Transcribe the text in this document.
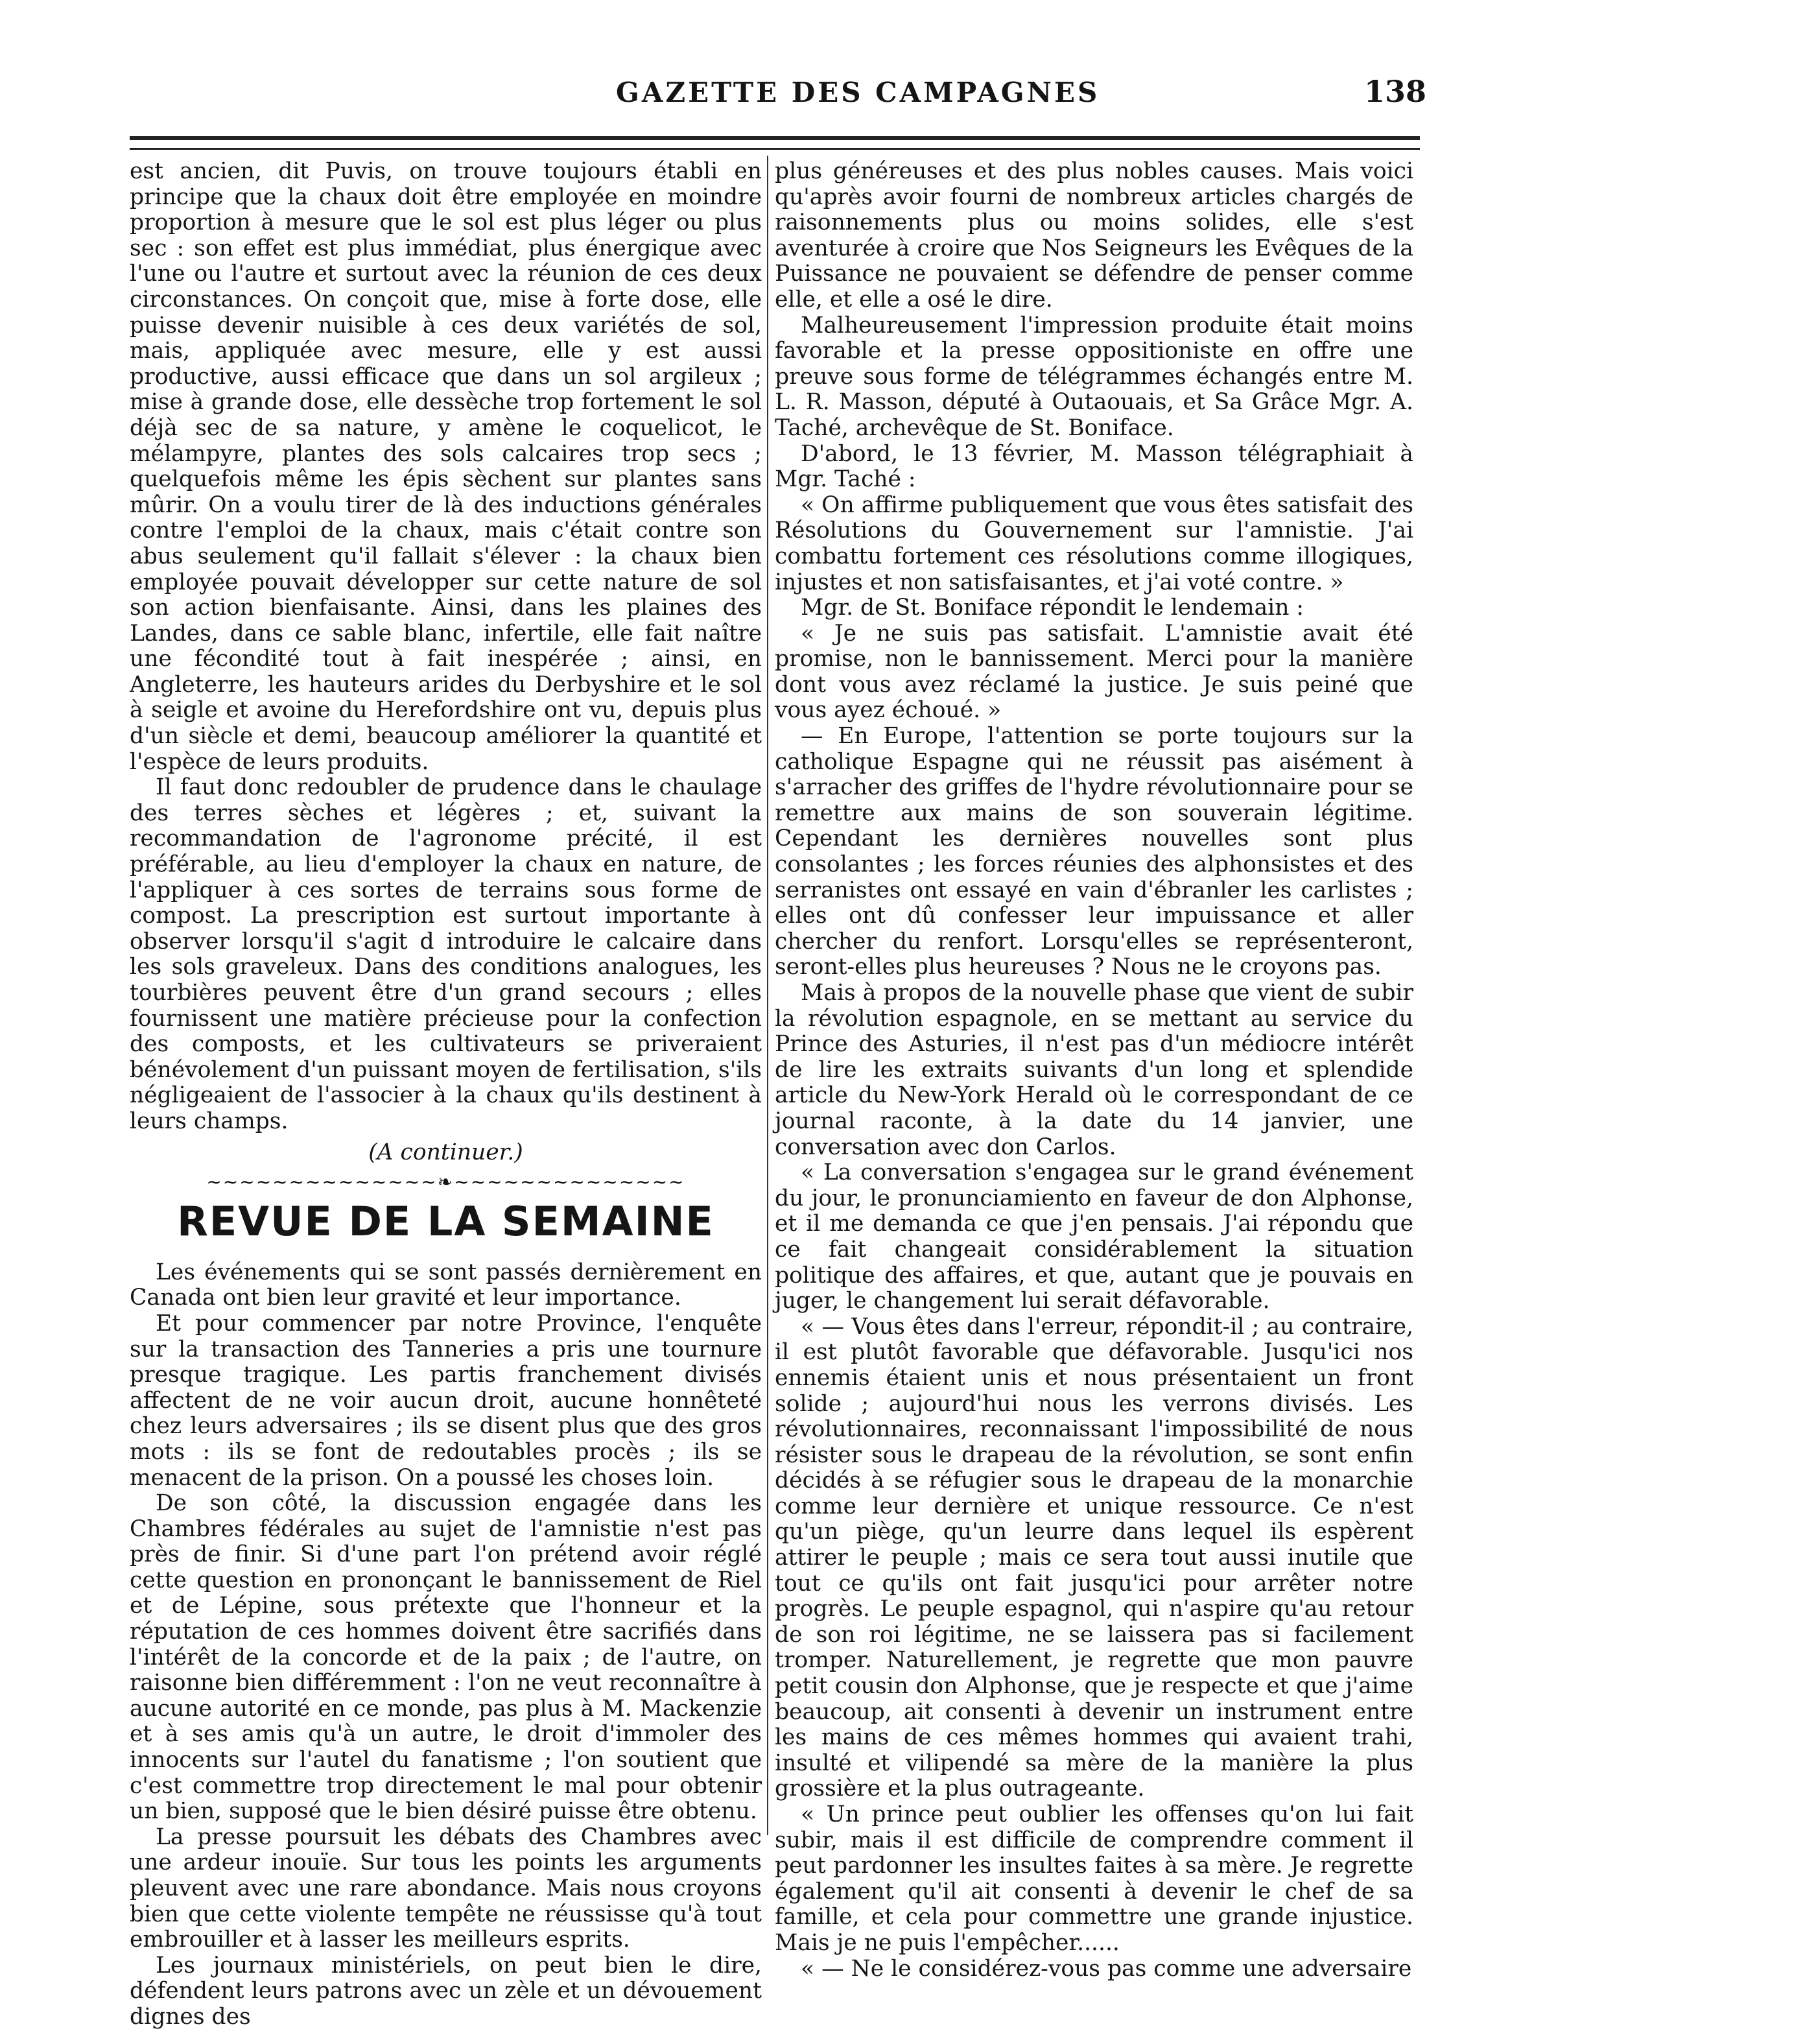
GAZETTE DES CAMPAGNES	138

est ancien, dit Puvis, on trouve toujours établi en principe que la chaux doit être employée en moindre proportion à mesure que le sol est plus léger ou plus sec : son effet est plus immédiat, plus énergique avec l'une ou l'autre et surtout avec la réunion de ces deux circonstances. On conçoit que, mise à forte dose, elle puisse devenir nuisible à ces deux variétés de sol, mais, appliquée avec mesure, elle y est aussi productive, aussi efficace que dans un sol argileux ; mise à grande dose, elle dessèche trop fortement le sol déjà sec de sa nature, y amène le coquelicot, le mélampyre, plantes des sols calcaires trop secs ; quelquefois même les épis sèchent sur plantes sans mûrir. On a voulu tirer de là des inductions générales contre l'emploi de la chaux, mais c'était contre son abus seulement qu'il fallait s'élever : la chaux bien employée pouvait développer sur cette nature de sol son action bienfaisante. Ainsi, dans les plaines des Landes, dans ce sable blanc, infertile, elle fait naître une fécondité tout à fait inespérée ; ainsi, en Angleterre, les hauteurs arides du Derbyshire et le sol à seigle et avoine du Herefordshire ont vu, depuis plus d'un siècle et demi, beaucoup améliorer la quantité et l'espèce de leurs produits.

Il faut donc redoubler de prudence dans le chaulage des terres sèches et légères ; et, suivant la recommandation de l'agronome précité, il est préférable, au lieu d'employer la chaux en nature, de l'appliquer à ces sortes de terrains sous forme de compost. La prescription est surtout importante à observer lorsqu'il s'agit d introduire le calcaire dans les sols graveleux. Dans des conditions analogues, les tourbières peuvent être d'un grand secours ; elles fournissent une matière précieuse pour la confection des composts, et les cultivateurs se priveraient bénévolement d'un puissant moyen de fertilisation, s'ils négligeaient de l'associer à la chaux qu'ils destinent à leurs champs.

(A continuer.)

~~~~~~~~~~~~~~❧~~~~~~~~~~~~~~
REVUE DE LA SEMAINE

Les événements qui se sont passés dernièrement en Canada ont bien leur gravité et leur importance.

Et pour commencer par notre Province, l'enquête sur la transaction des Tanneries a pris une tournure presque tragique. Les partis franchement divisés affectent de ne voir aucun droit, aucune honnêteté chez leurs adversaires ; ils se disent plus que des gros mots : ils se font de redoutables procès ; ils se menacent de la prison. On a poussé les choses loin.

De son côté, la discussion engagée dans les Chambres fédérales au sujet de l'amnistie n'est pas près de finir. Si d'une part l'on prétend avoir réglé cette question en prononçant le bannissement de Riel et de Lépine, sous prétexte que l'honneur et la réputation de ces hommes doivent être sacrifiés dans l'intérêt de la concorde et de la paix ; de l'autre, on raisonne bien différemment : l'on ne veut reconnaître à aucune autorité en ce monde, pas plus à M. Mackenzie et à ses amis qu'à un autre, le droit d'immoler des innocents sur l'autel du fanatisme ; l'on soutient que c'est commettre trop directement le mal pour obtenir un bien, supposé que le bien désiré puisse être obtenu.

La presse poursuit les débats des Chambres avec une ardeur inouïe. Sur tous les points les arguments pleuvent avec une rare abondance. Mais nous croyons bien que cette violente tempête ne réussisse qu'à tout embrouiller et à lasser les meilleurs esprits.

Les journaux ministériels, on peut bien le dire, défendent leurs patrons avec un zèle et un dévouement dignes des

plus généreuses et des plus nobles causes. Mais voici qu'après avoir fourni de nombreux articles chargés de raisonnements plus ou moins solides, elle s'est aventurée à croire que Nos Seigneurs les Evêques de la Puissance ne pouvaient se défendre de penser comme elle, et elle a osé le dire.

Malheureusement l'impression produite était moins favorable et la presse oppositioniste en offre une preuve sous forme de télégrammes échangés entre M. L. R. Masson, député à Outaouais, et Sa Grâce Mgr. A. Taché, archevêque de St. Boniface.

D'abord, le 13 février, M. Masson télégraphiait à Mgr. Taché :

« On affirme publiquement que vous êtes satisfait des Résolutions du Gouvernement sur l'amnistie. J'ai combattu fortement ces résolutions comme illogiques, injustes et non satisfaisantes, et j'ai voté contre. »

Mgr. de St. Boniface répondit le lendemain :

« Je ne suis pas satisfait. L'amnistie avait été promise, non le bannissement. Merci pour la manière dont vous avez réclamé la justice. Je suis peiné que vous ayez échoué. »

— En Europe, l'attention se porte toujours sur la catholique Espagne qui ne réussit pas aisément à s'arracher des griffes de l'hydre révolutionnaire pour se remettre aux mains de son souverain légitime. Cependant les dernières nouvelles sont plus consolantes ; les forces réunies des alphonsistes et des serranistes ont essayé en vain d'ébranler les carlistes ; elles ont dû confesser leur impuissance et aller chercher du renfort. Lorsqu'elles se représenteront, seront-elles plus heureuses ? Nous ne le croyons pas.

Mais à propos de la nouvelle phase que vient de subir la révolution espagnole, en se mettant au service du Prince des Asturies, il n'est pas d'un médiocre intérêt de lire les extraits suivants d'un long et splendide article du New-York Herald où le correspondant de ce journal raconte, à la date du 14 janvier, une conversation avec don Carlos.

« La conversation s'engagea sur le grand événement du jour, le pronunciamiento en faveur de don Alphonse, et il me demanda ce que j'en pensais. J'ai répondu que ce fait changeait considérablement la situation politique des affaires, et que, autant que je pouvais en juger, le changement lui serait défavorable.

« — Vous êtes dans l'erreur, répondit-il ; au contraire, il est plutôt favorable que défavorable. Jusqu'ici nos ennemis étaient unis et nous présentaient un front solide ; aujourd'hui nous les verrons divisés. Les révolutionnaires, reconnaissant l'impossibilité de nous résister sous le drapeau de la révolution, se sont enfin décidés à se réfugier sous le drapeau de la monarchie comme leur dernière et unique ressource. Ce n'est qu'un piège, qu'un leurre dans lequel ils espèrent attirer le peuple ; mais ce sera tout aussi inutile que tout ce qu'ils ont fait jusqu'ici pour arrêter notre progrès. Le peuple espagnol, qui n'aspire qu'au retour de son roi légitime, ne se laissera pas si facilement tromper. Naturellement, je regrette que mon pauvre petit cousin don Alphonse, que je respecte et que j'aime beaucoup, ait consenti à devenir un instrument entre les mains de ces mêmes hommes qui avaient trahi, insulté et vilipendé sa mère de la manière la plus grossière et la plus outrageante.

« Un prince peut oublier les offenses qu'on lui fait subir, mais il est difficile de comprendre comment il peut pardonner les insultes faites à sa mère. Je regrette également qu'il ait consenti à devenir le chef de sa famille, et cela pour commettre une grande injustice. Mais je ne puis l'empêcher......

« — Ne le considérez-vous pas comme une adversaire
